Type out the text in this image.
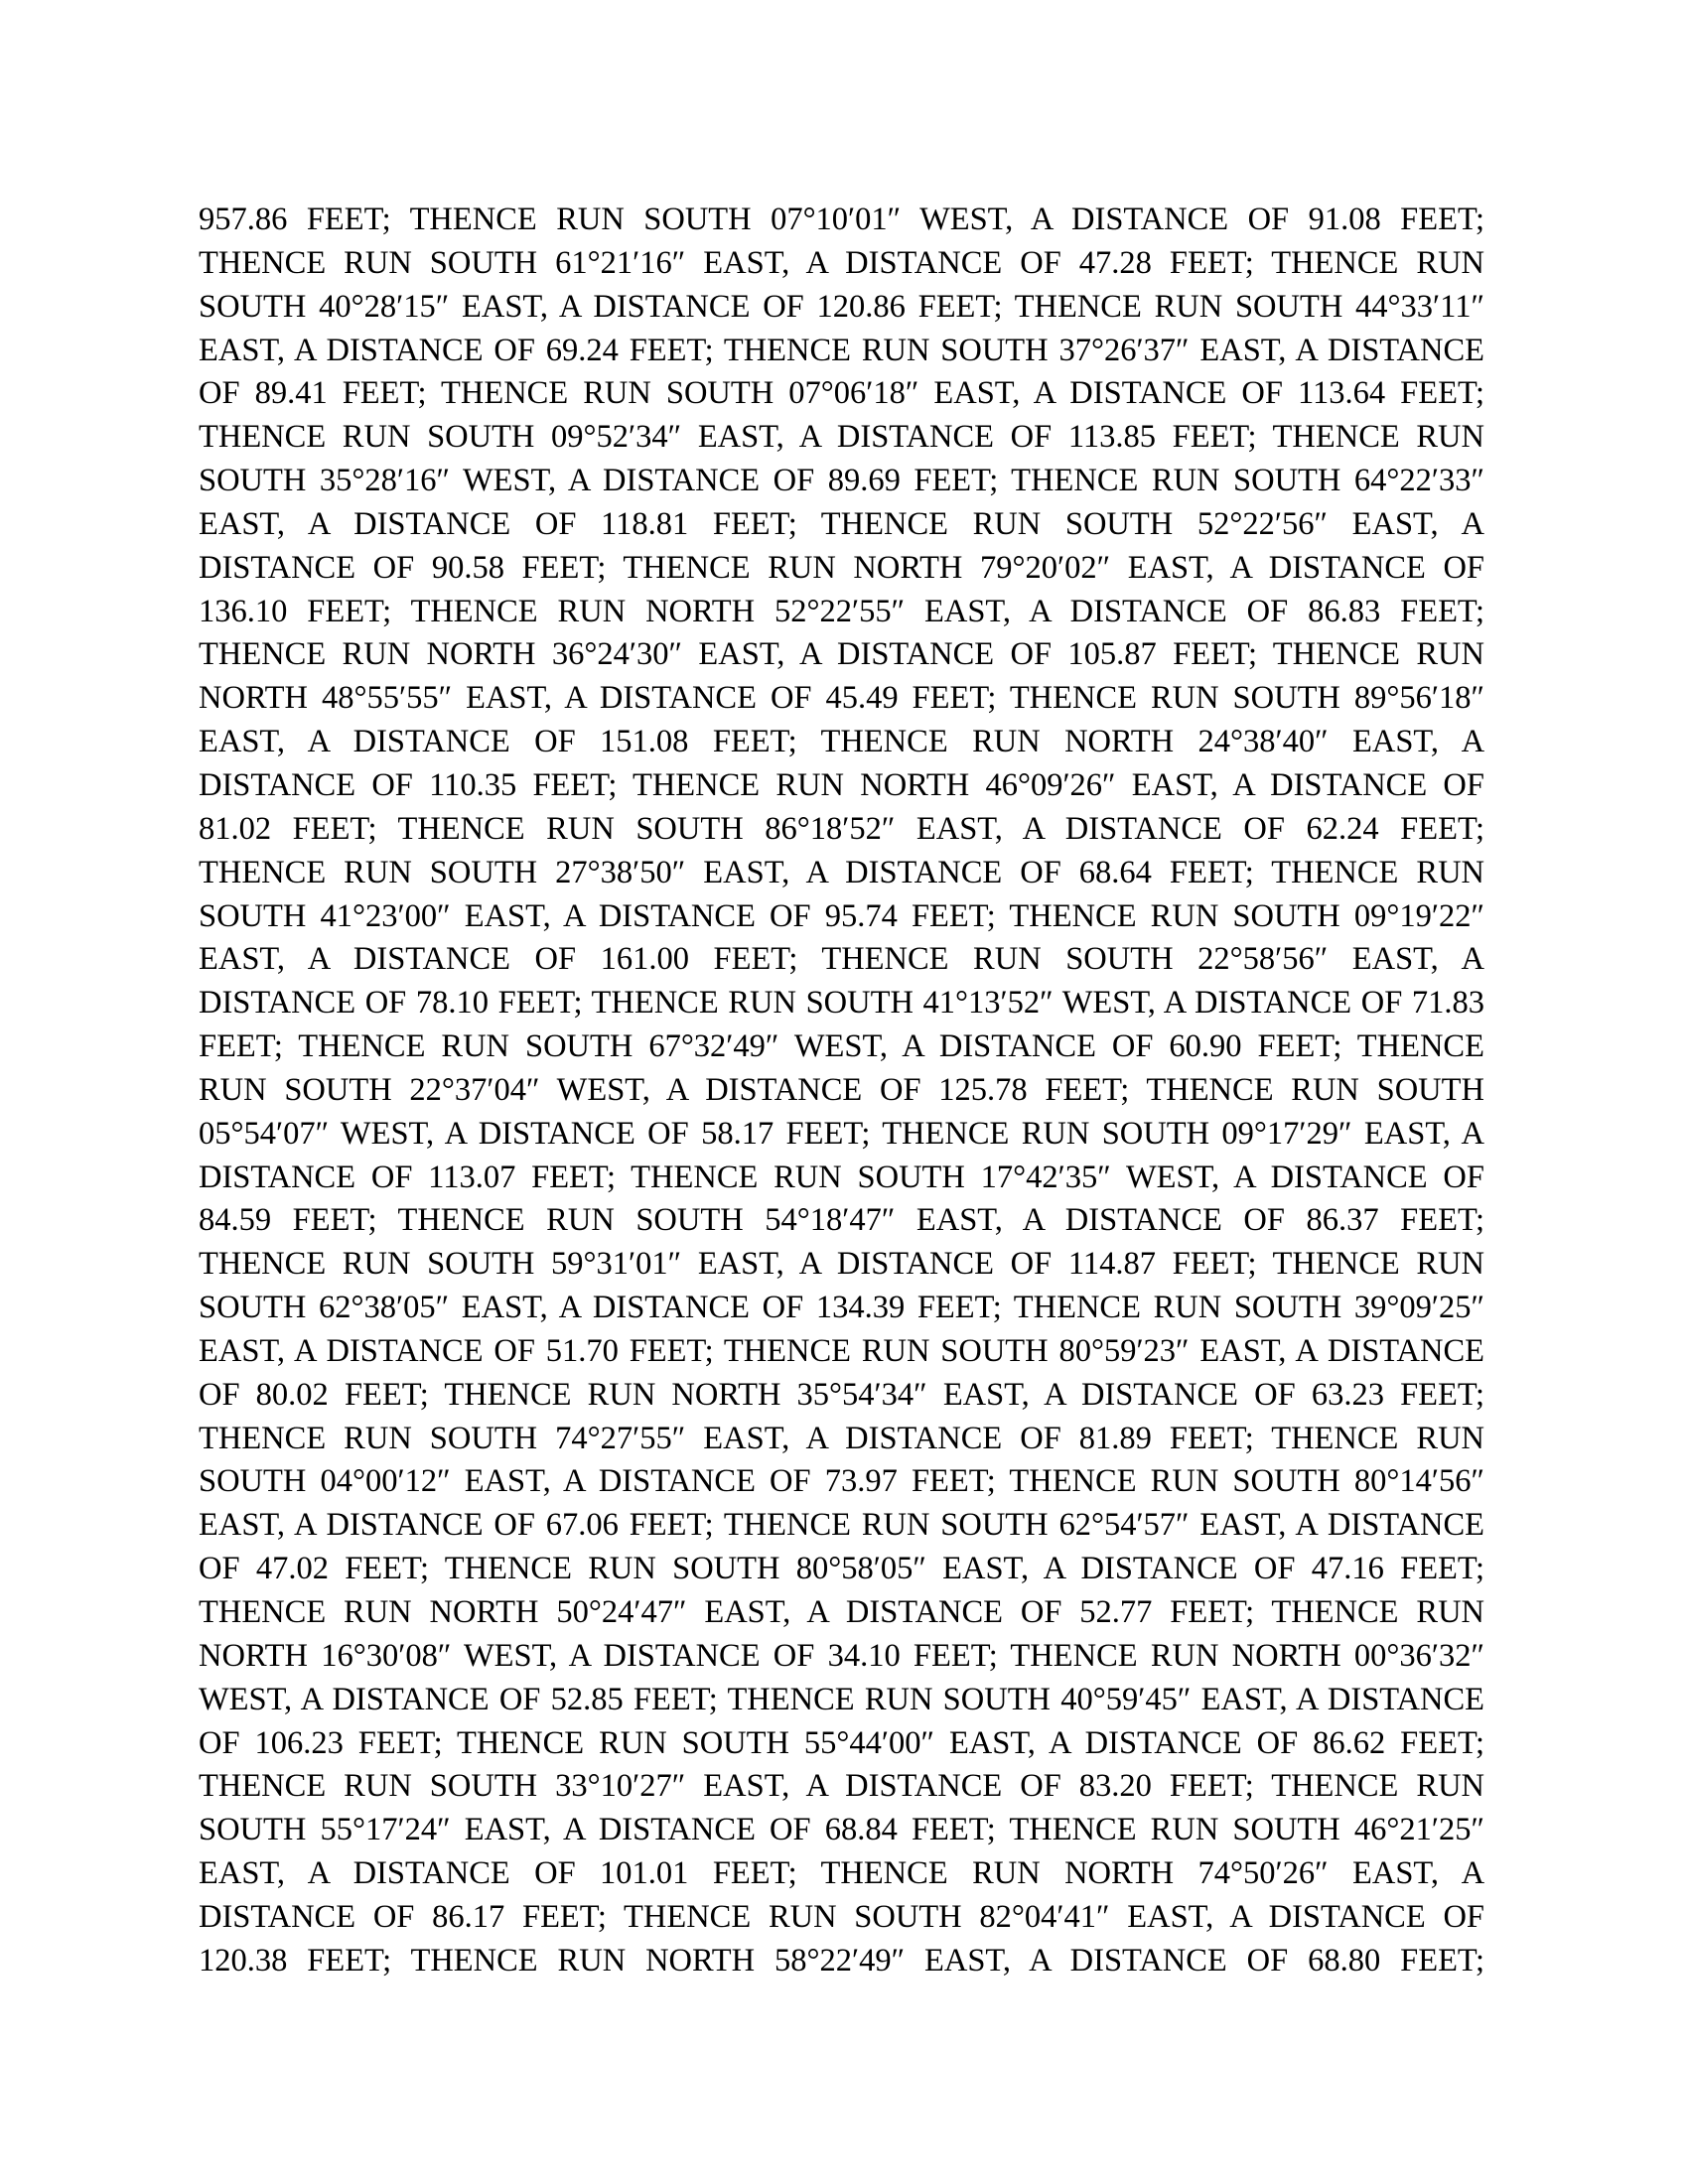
957.86 FEET; THENCE RUN SOUTH 07°10′01″ WEST, A DISTANCE OF 91.08 FEET;
THENCE RUN SOUTH 61°21′16″ EAST, A DISTANCE OF 47.28 FEET; THENCE RUN
SOUTH 40°28′15″ EAST, A DISTANCE OF 120.86 FEET; THENCE RUN SOUTH 44°33′11″
EAST, A DISTANCE OF 69.24 FEET; THENCE RUN SOUTH 37°26′37″ EAST, A DISTANCE
OF 89.41 FEET; THENCE RUN SOUTH 07°06′18″ EAST, A DISTANCE OF 113.64 FEET;
THENCE RUN SOUTH 09°52′34″ EAST, A DISTANCE OF 113.85 FEET; THENCE RUN
SOUTH 35°28′16″ WEST, A DISTANCE OF 89.69 FEET; THENCE RUN SOUTH 64°22′33″
EAST, A DISTANCE OF 118.81 FEET; THENCE RUN SOUTH 52°22′56″ EAST, A
DISTANCE OF 90.58 FEET; THENCE RUN NORTH 79°20′02″ EAST, A DISTANCE OF
136.10 FEET; THENCE RUN NORTH 52°22′55″ EAST, A DISTANCE OF 86.83 FEET;
THENCE RUN NORTH 36°24′30″ EAST, A DISTANCE OF 105.87 FEET; THENCE RUN
NORTH 48°55′55″ EAST, A DISTANCE OF 45.49 FEET; THENCE RUN SOUTH 89°56′18″
EAST, A DISTANCE OF 151.08 FEET; THENCE RUN NORTH 24°38′40″ EAST, A
DISTANCE OF 110.35 FEET; THENCE RUN NORTH 46°09′26″ EAST, A DISTANCE OF
81.02 FEET; THENCE RUN SOUTH 86°18′52″ EAST, A DISTANCE OF 62.24 FEET;
THENCE RUN SOUTH 27°38′50″ EAST, A DISTANCE OF 68.64 FEET; THENCE RUN
SOUTH 41°23′00″ EAST, A DISTANCE OF 95.74 FEET; THENCE RUN SOUTH 09°19′22″
EAST, A DISTANCE OF 161.00 FEET; THENCE RUN SOUTH 22°58′56″ EAST, A
DISTANCE OF 78.10 FEET; THENCE RUN SOUTH 41°13′52″ WEST, A DISTANCE OF 71.83
FEET; THENCE RUN SOUTH 67°32′49″ WEST, A DISTANCE OF 60.90 FEET; THENCE
RUN SOUTH 22°37′04″ WEST, A DISTANCE OF 125.78 FEET; THENCE RUN SOUTH
05°54′07″ WEST, A DISTANCE OF 58.17 FEET; THENCE RUN SOUTH 09°17′29″ EAST, A
DISTANCE OF 113.07 FEET; THENCE RUN SOUTH 17°42′35″ WEST, A DISTANCE OF
84.59 FEET; THENCE RUN SOUTH 54°18′47″ EAST, A DISTANCE OF 86.37 FEET;
THENCE RUN SOUTH 59°31′01″ EAST, A DISTANCE OF 114.87 FEET; THENCE RUN
SOUTH 62°38′05″ EAST, A DISTANCE OF 134.39 FEET; THENCE RUN SOUTH 39°09′25″
EAST, A DISTANCE OF 51.70 FEET; THENCE RUN SOUTH 80°59′23″ EAST, A DISTANCE
OF 80.02 FEET; THENCE RUN NORTH 35°54′34″ EAST, A DISTANCE OF 63.23 FEET;
THENCE RUN SOUTH 74°27′55″ EAST, A DISTANCE OF 81.89 FEET; THENCE RUN
SOUTH 04°00′12″ EAST, A DISTANCE OF 73.97 FEET; THENCE RUN SOUTH 80°14′56″
EAST, A DISTANCE OF 67.06 FEET; THENCE RUN SOUTH 62°54′57″ EAST, A DISTANCE
OF 47.02 FEET; THENCE RUN SOUTH 80°58′05″ EAST, A DISTANCE OF 47.16 FEET;
THENCE RUN NORTH 50°24′47″ EAST, A DISTANCE OF 52.77 FEET; THENCE RUN
NORTH 16°30′08″ WEST, A DISTANCE OF 34.10 FEET; THENCE RUN NORTH 00°36′32″
WEST, A DISTANCE OF 52.85 FEET; THENCE RUN SOUTH 40°59′45″ EAST, A DISTANCE
OF 106.23 FEET; THENCE RUN SOUTH 55°44′00″ EAST, A DISTANCE OF 86.62 FEET;
THENCE RUN SOUTH 33°10′27″ EAST, A DISTANCE OF 83.20 FEET; THENCE RUN
SOUTH 55°17′24″ EAST, A DISTANCE OF 68.84 FEET; THENCE RUN SOUTH 46°21′25″
EAST, A DISTANCE OF 101.01 FEET; THENCE RUN NORTH 74°50′26″ EAST, A
DISTANCE OF 86.17 FEET; THENCE RUN SOUTH 82°04′41″ EAST, A DISTANCE OF
120.38 FEET; THENCE RUN NORTH 58°22′49″ EAST, A DISTANCE OF 68.80 FEET;
